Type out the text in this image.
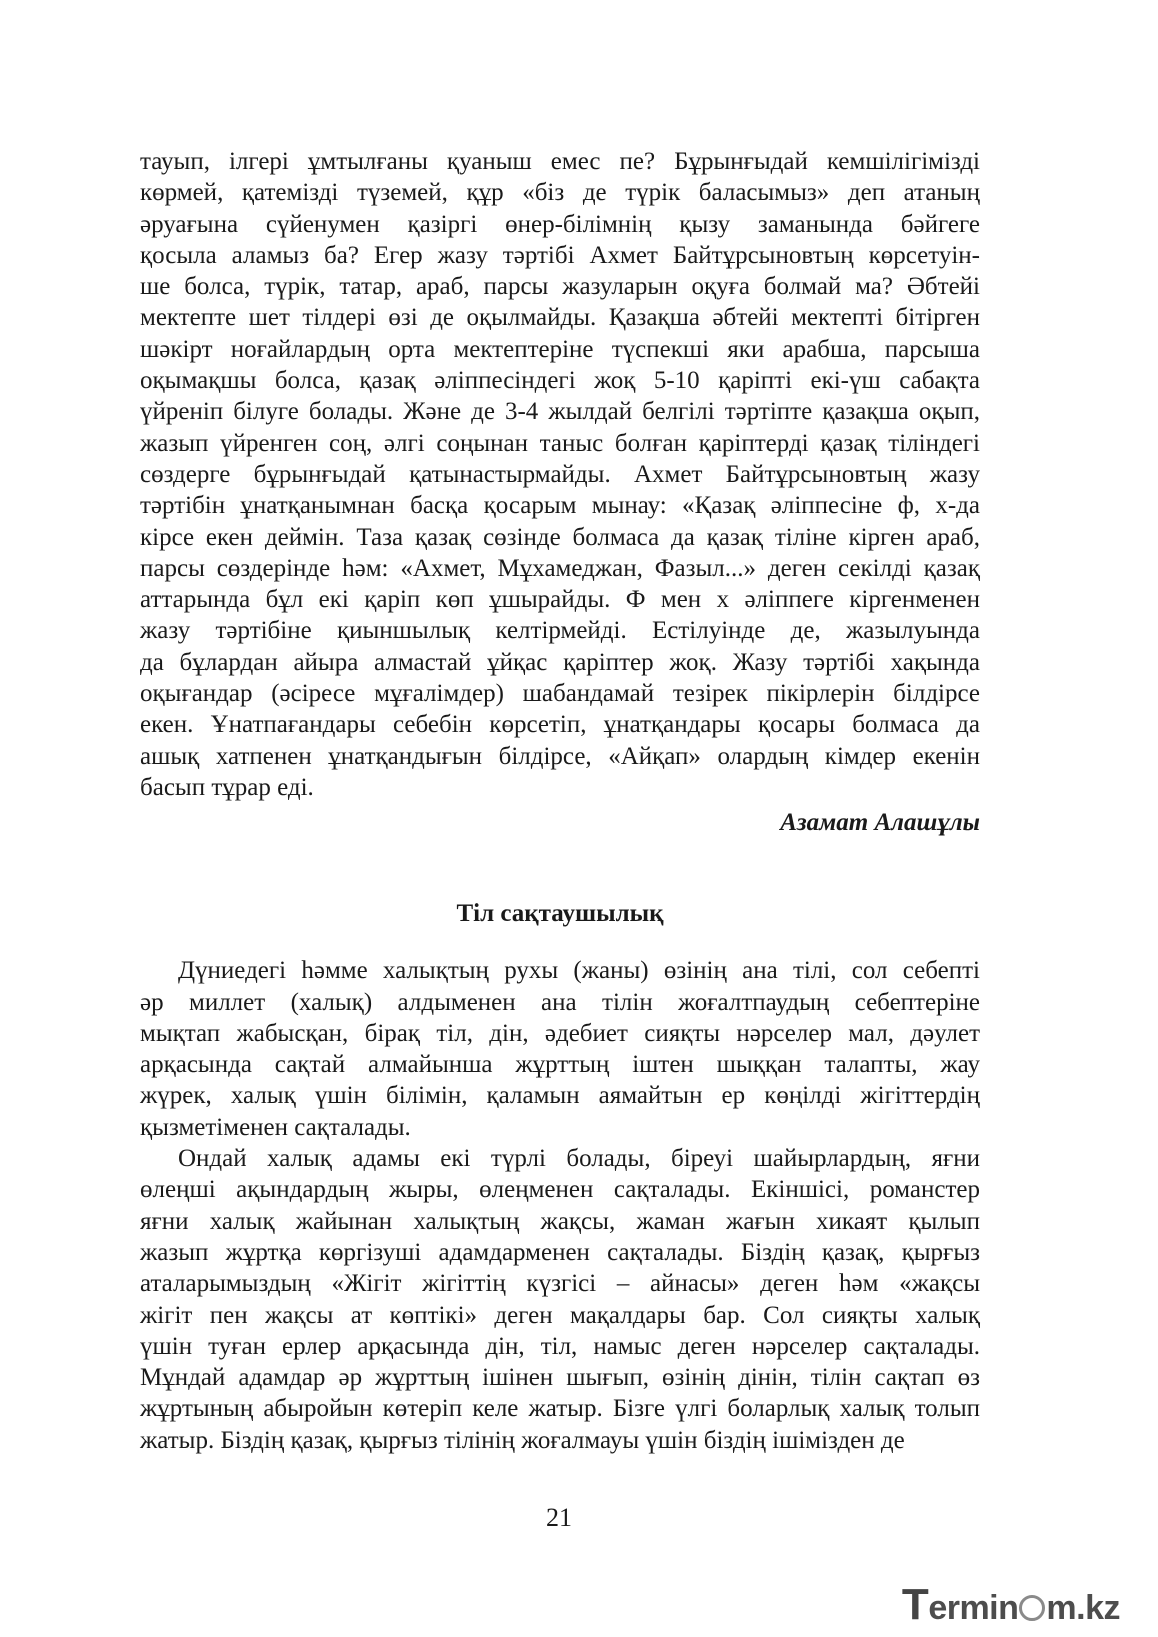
тауып, ілгері ұмтылғаны қуаныш емес пе? Бұрынғыдай кемшілігімізді
көрмей, қатемізді түземей, құр «біз де түрік баласымыз» деп атаның
әруағына сүйенумен қазіргі өнер-білімнің қызу заманында бәйгеге
қосыла аламыз ба? Егер жазу тәртібі Ахмет Байтұрсыновтың көрсетуін-
ше болса, түрік, татар, араб, парсы жазуларын оқуға болмай ма? Әбтейі
мектепте шет тілдері өзі де оқылмайды. Қазақша әбтейі мектепті бітірген
шәкірт ноғайлардың орта мектептеріне түспекші яки арабша, парсыша
оқымақшы болса, қазақ әліппесіндегі жоқ 5-10 қаріпті екі-үш сабақта
үйреніп білуге болады. Және де 3-4 жылдай белгілі тәртіпте қазақша оқып,
жазып үйренген соң, әлгі соңынан таныс болған қаріптерді қазақ тіліндегі
сөздерге бұрынғыдай қатынастырмайды. Ахмет Байтұрсыновтың жазу
тәртібін ұнатқанымнан басқа қосарым мынау: «Қазақ әліппесіне ф, х-да
кірсе екен деймін. Таза қазақ сөзінде болмаса да қазақ тіліне кірген араб,
парсы сөздерінде һәм: «Ахмет, Мұхамеджан, Фазыл...» деген секілді қазақ
аттарында бұл екі қаріп көп ұшырайды. Ф мен х әліппеге кіргенменен
жазу тәртібіне қиыншылық келтірмейді. Естілуінде де, жазылуында
да бұлардан айыра алмастай ұйқас қаріптер жоқ. Жазу тәртібі хақында
оқығандар (әсіресе мұғалімдер) шабандамай тезірек пікірлерін білдірсе
екен. Ұнатпағандары себебін көрсетіп, ұнатқандары қосары болмаса да
ашық хатпенен ұнатқандығын білдірсе, «Айқап» олардың кімдер екенін
басып тұрар еді.

Азамат Алашұлы
Тіл сақтаушылық

Дүниедегі һәмме халықтың рухы (жаны) өзінің ана тілі, сол себепті
әр миллет (халық) алдыменен ана тілін жоғалтпаудың себептеріне
мықтап жабысқан, бірақ тіл, дін, әдебиет сияқты нәрселер мал, дәулет
арқасында сақтай алмайынша жұрттың іштен шыққан талапты, жау
жүрек, халық үшін білімін, қаламын аямайтын ер көңілді жігіттердің
қызметіменен сақталады.

Ондай халық адамы екі түрлі болады, біреуі шайырлардың, яғни
өлеңші ақындардың жыры, өлеңменен сақталады. Екіншісі, романстер
яғни халық жайынан халықтың жақсы, жаман жағын хикаят қылып
жазып жұртқа көргізуші адамдарменен сақталады. Біздің қазақ, қырғыз
аталарымыздың «Жігіт жігіттің күзгісі – айнасы» деген һәм «жақсы
жігіт пен жақсы ат көптікі» деген мақалдары бар. Сол сияқты халық
үшін туған ерлер арқасында дін, тіл, намыс деген нәрселер сақталады.
Мұндай адамдар әр жұрттың ішінен шығып, өзінің дінін, тілін сақтап өз
жұртының абыройын көтеріп келе жатыр. Бізге үлгі боларлық халық толып
жатыр. Біздің қазақ, қырғыз тілінің жоғалмауы үшін біздің ішімізден де

21
Termin m.kz
